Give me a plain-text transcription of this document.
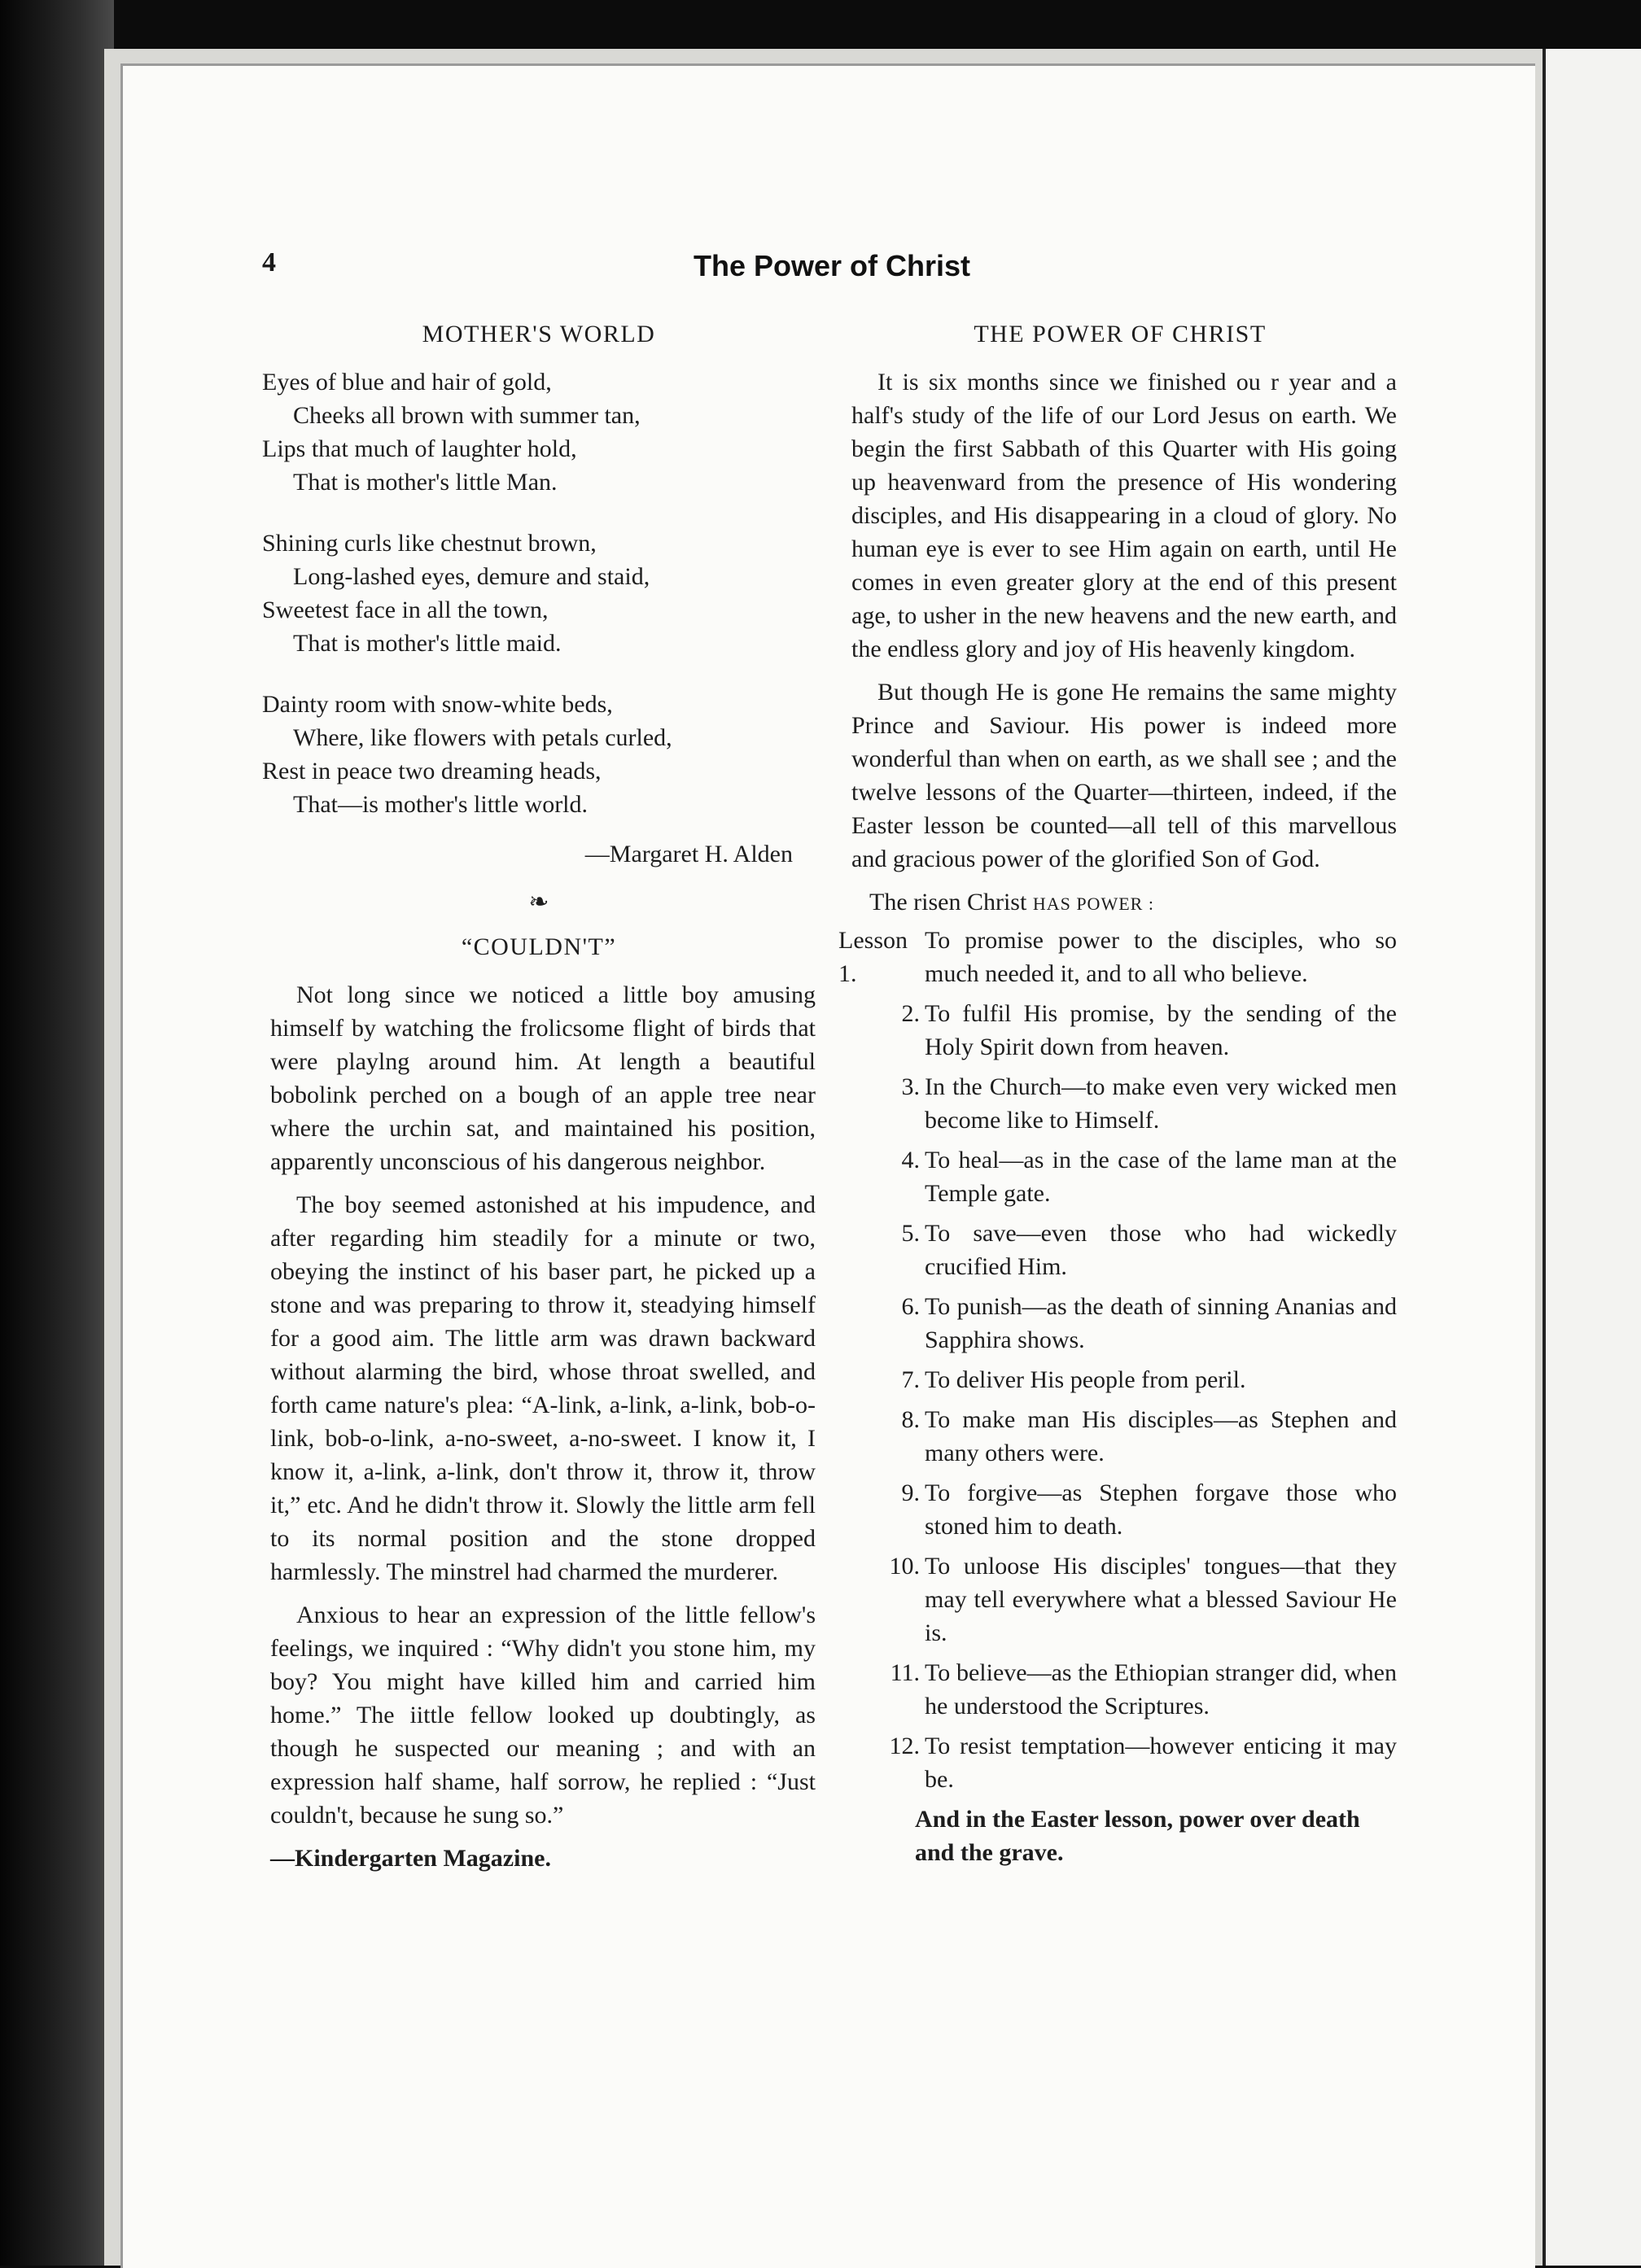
4	The Power of Christ
MOTHER'S WORLD
Eyes of blue and hair of gold,
Cheeks all brown with summer tan,
Lips that much of laughter hold,
That is mother's little Man.
Shining curls like chestnut brown,
Long-lashed eyes, demure and staid,
Sweetest face in all the town,
That is mother's little maid.
Dainty room with snow-white beds,
Where, like flowers with petals curled,
Rest in peace two dreaming heads,
That—is mother's little world.
—Margaret H. Alden
❧
“COULDN'T”

Not long since we noticed a little boy amusing himself by watching the frolicsome flight of birds that were playlng around him. At length a beautiful bobolink perched on a bough of an apple tree near where the urchin sat, and maintained his position, apparently unconscious of his dangerous neighbor.

The boy seemed astonished at his impudence, and after regarding him steadily for a minute or two, obeying the instinct of his baser part, he picked up a stone and was preparing to throw it, steadying himself for a good aim. The little arm was drawn backward without alarming the bird, whose throat swelled, and forth came nature's plea: “A-link, a-link, a-link, bob-o-link, bob-o-link, a-no-sweet, a-no-sweet. I know it, I know it, a-link, a-link, don't throw it, throw it, throw it,” etc. And he didn't throw it. Slowly the little arm fell to its normal position and the stone dropped harmlessly. The minstrel had charmed the murderer.

Anxious to hear an expression of the little fellow's feelings, we inquired : “Why didn't you stone him, my boy? You might have killed him and carried him home.” The iittle fellow looked up doubtingly, as though he suspected our meaning ; and with an expression half shame, half sorrow, he replied : “Just couldn't, because he sung so.”

—Kindergarten Magazine.
THE POWER OF CHRIST

It is six months since we finished ou r year and a half's study of the life of our Lord Jesus on earth. We begin the first Sabbath of this Quarter with His going up heavenward from the presence of His wondering disciples, and His disappearing in a cloud of glory. No human eye is ever to see Him again on earth, until He comes in even greater glory at the end of this present age, to usher in the new heavens and the new earth, and the endless glory and joy of His heavenly kingdom.

But though He is gone He remains the same mighty Prince and Saviour. His power is indeed more wonderful than when on earth, as we shall see ; and the twelve lessons of the Quarter—thirteen, indeed, if the Easter lesson be counted—all tell of this marvellous and gracious power of the glorified Son of God.

The risen Christ HAS POWER :
Lesson 1.
To promise power to the disciples, who so much needed it, and to all who believe.
2. To fulfil His promise, by the sending of the Holy Spirit down from heaven.
3. In the Church—to make even very wicked men become like to Himself.
4. To heal—as in the case of the lame man at the Temple gate.
5. To save—even those who had wickedly crucified Him.
6. To punish—as the death of sinning Ananias and Sapphira shows.
7. To deliver His people from peril.
8. To make man His disciples—as Stephen and many others were.
9. To forgive—as Stephen forgave those who stoned him to death.
10. To unloose His disciples' tongues—that they may tell everywhere what a blessed Saviour He is.
11. To believe—as the Ethiopian stranger did, when he understood the Scriptures.
12. To resist temptation—however enticing it may be.
And in the Easter lesson, power over death and the grave.
